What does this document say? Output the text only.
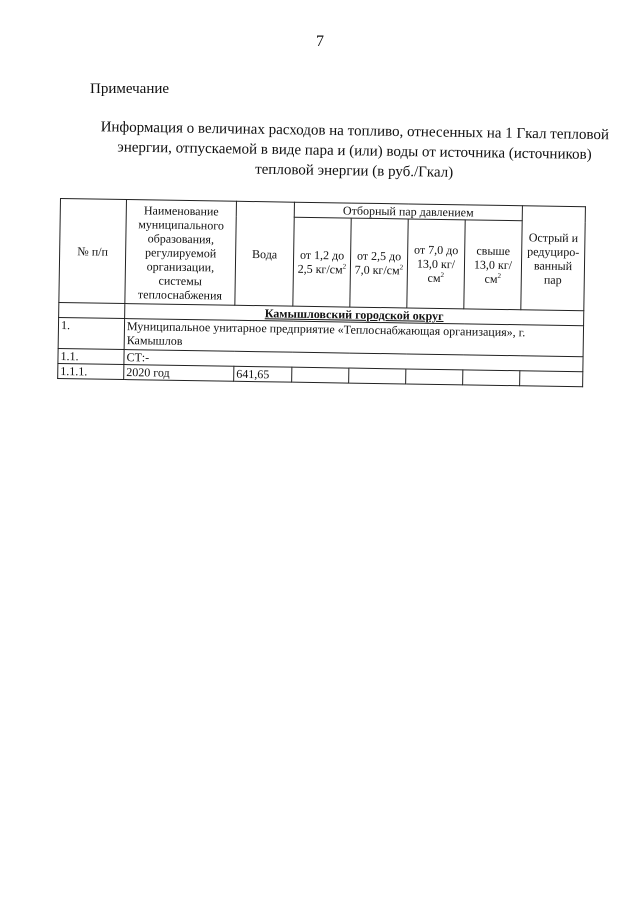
7
Примечание
Информация о величинах расходов на топливо, отнесенных на 1 Гкал тепловой
энергии, отпускаемой в виде пара и (или) воды от источника (источников)
тепловой энергии (в руб./Гкал)
№ п/п	Наименование муниципального образования, регулируемой организации, системы теплоснабжения	Вода	Отборный пар давлением				Острый и редуциро-ванный пар
			от 1,2 до 2,5 $кг/см^2$	от 2,5 до 7,0 $кг/см^2$	от 7,0 до 13,0 $кг/см^2$	свыше 13,0 $кг/см^2$
	Камышловский городской округ						
1.	Муниципальное унитарное предприятие «Теплоснабжающая организация», г. Камышлов						
1.1.	СТ:-						
1.1.1.	2020 год	641,65					
